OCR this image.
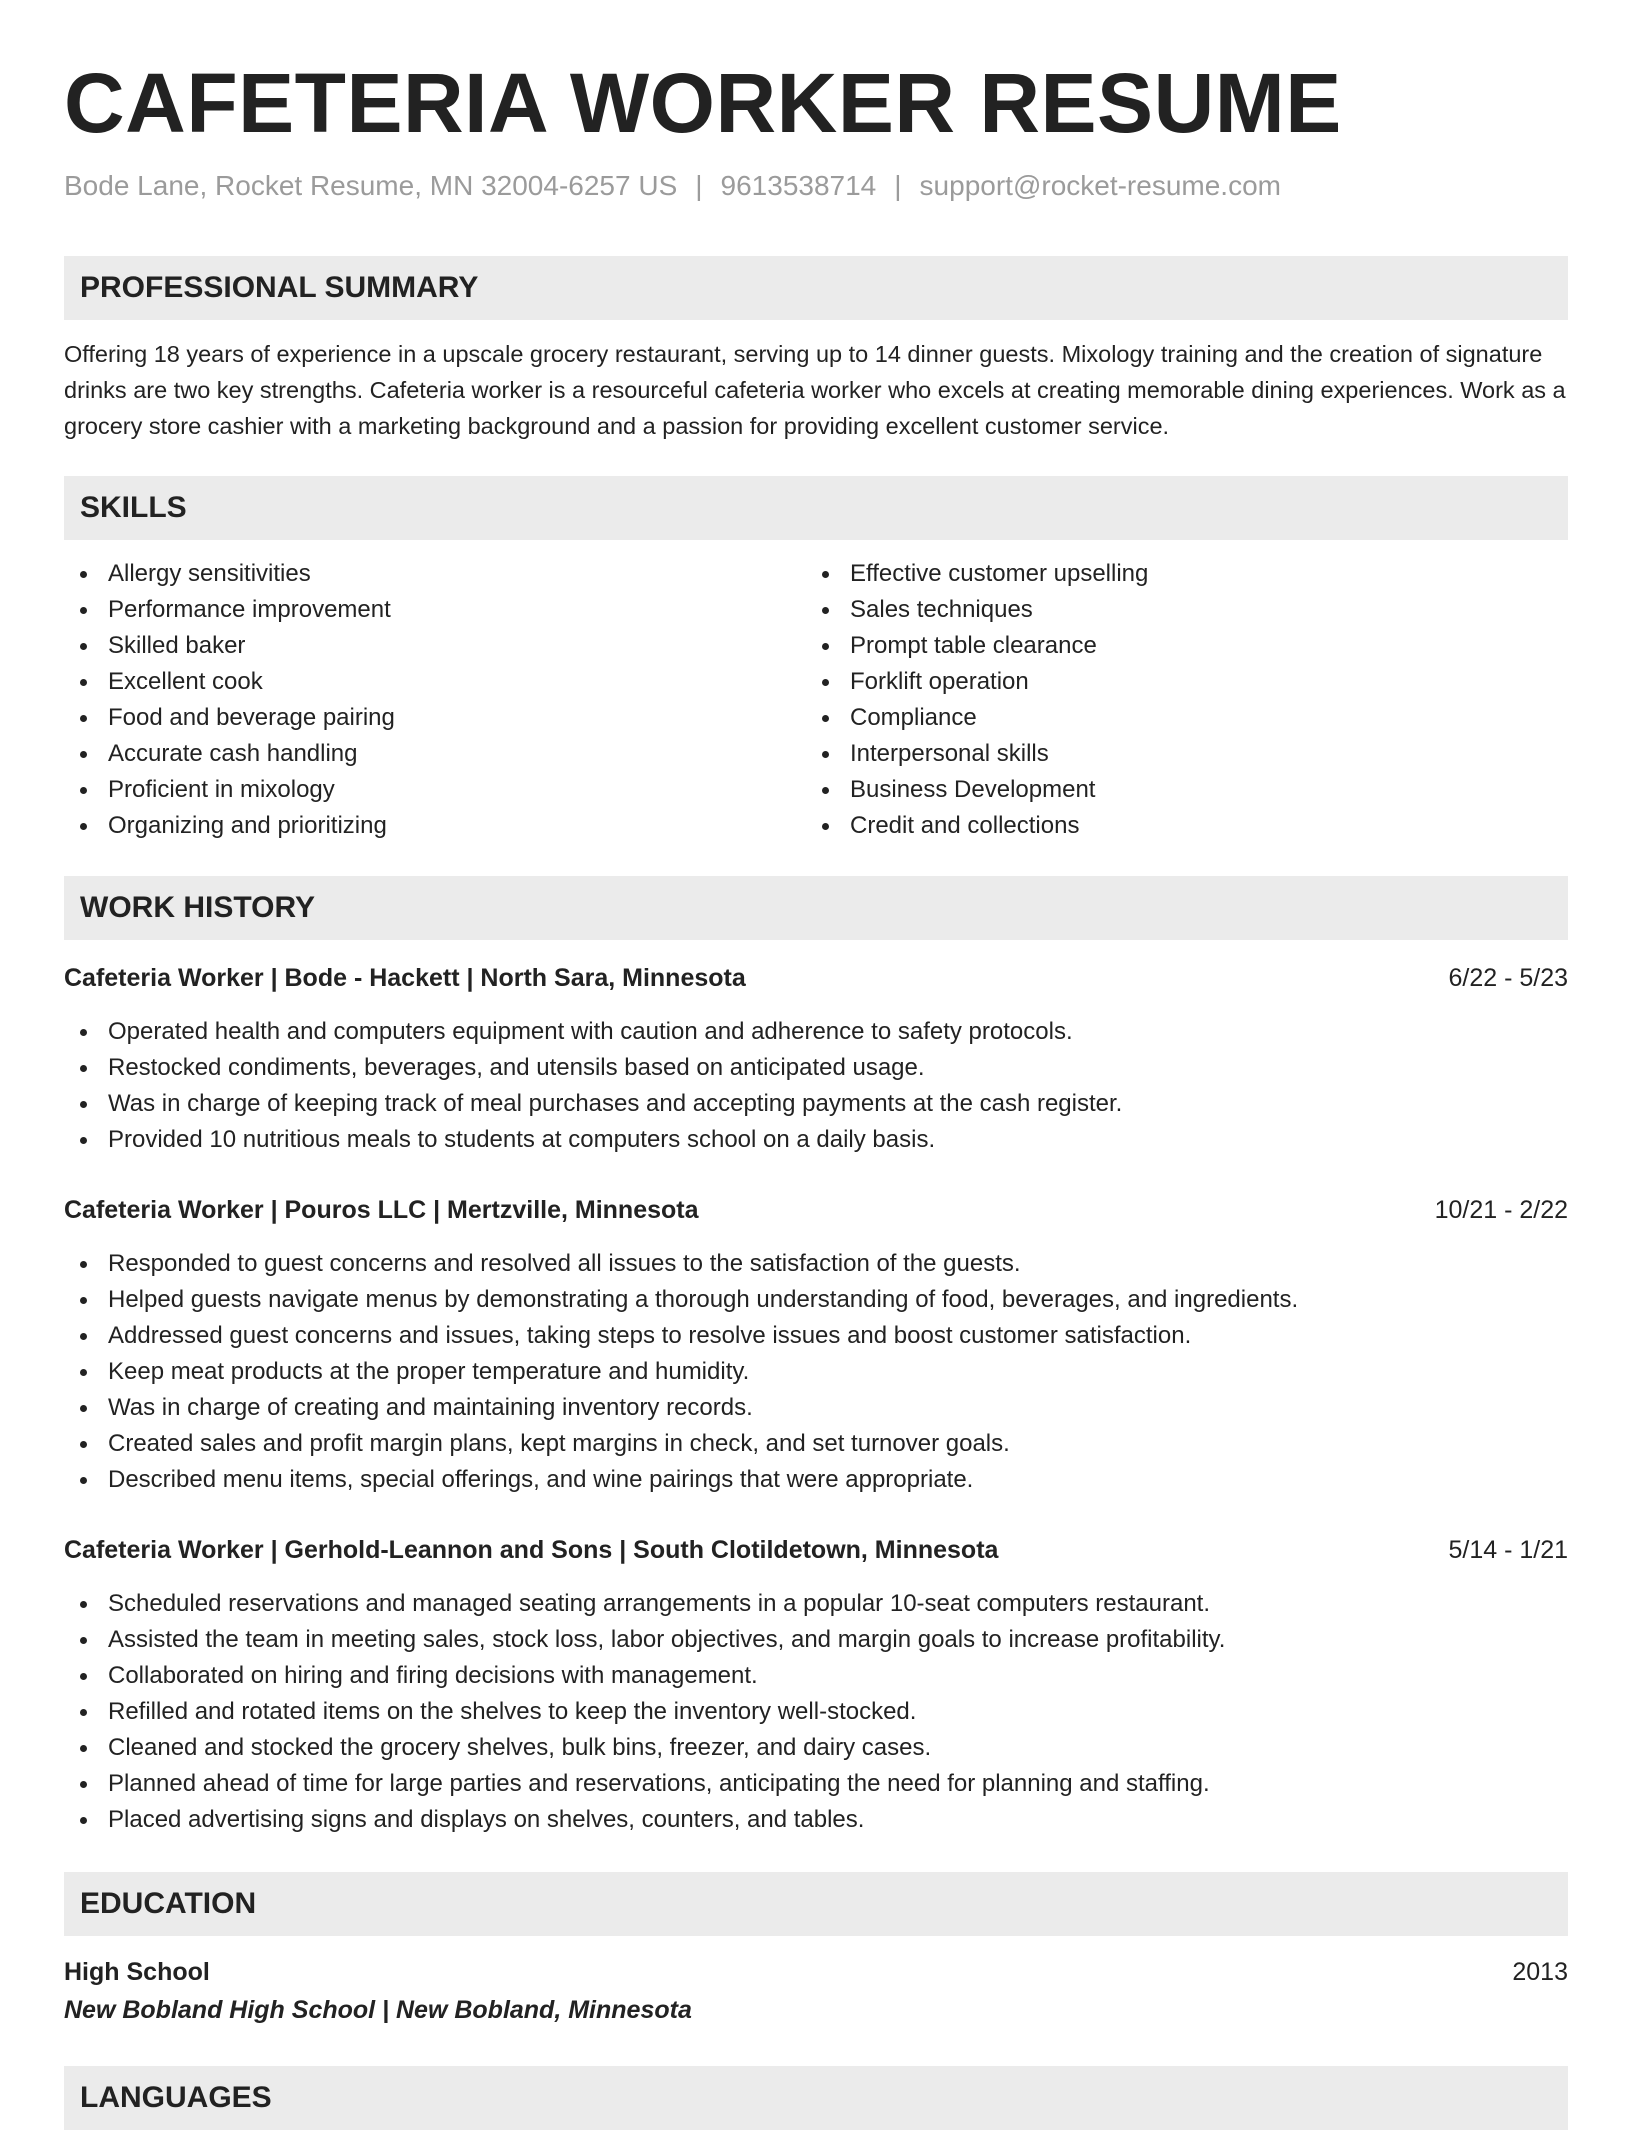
CAFETERIA WORKER RESUME
Bode Lane, Rocket Resume, MN 32004-6257 US | 9613538714 | support@rocket-resume.com
PROFESSIONAL SUMMARY

Offering 18 years of experience in a upscale grocery restaurant, serving up to 14 dinner guests. Mixology training and the creation of signature drinks are two key strengths. Cafeteria worker is a resourceful cafeteria worker who excels at creating memorable dining experiences. Work as a grocery store cashier with a marketing background and a passion for providing excellent customer service.

SKILLS
Allergy sensitivities
Performance improvement
Skilled baker
Excellent cook
Food and beverage pairing
Accurate cash handling
Proficient in mixology
Organizing and prioritizing
Effective customer upselling
Sales techniques
Prompt table clearance
Forklift operation
Compliance
Interpersonal skills
Business Development
Credit and collections
WORK HISTORY
Cafeteria Worker | Bode - Hackett | North Sara, Minnesota	6/22 - 5/23
Operated health and computers equipment with caution and adherence to safety protocols.
Restocked condiments, beverages, and utensils based on anticipated usage.
Was in charge of keeping track of meal purchases and accepting payments at the cash register.
Provided 10 nutritious meals to students at computers school on a daily basis.
Cafeteria Worker | Pouros LLC | Mertzville, Minnesota	10/21 - 2/22
Responded to guest concerns and resolved all issues to the satisfaction of the guests.
Helped guests navigate menus by demonstrating a thorough understanding of food, beverages, and ingredients.
Addressed guest concerns and issues, taking steps to resolve issues and boost customer satisfaction.
Keep meat products at the proper temperature and humidity.
Was in charge of creating and maintaining inventory records.
Created sales and profit margin plans, kept margins in check, and set turnover goals.
Described menu items, special offerings, and wine pairings that were appropriate.
Cafeteria Worker | Gerhold-Leannon and Sons | South Clotildetown, Minnesota	5/14 - 1/21
Scheduled reservations and managed seating arrangements in a popular 10-seat computers restaurant.
Assisted the team in meeting sales, stock loss, labor objectives, and margin goals to increase profitability.
Collaborated on hiring and firing decisions with management.
Refilled and rotated items on the shelves to keep the inventory well-stocked.
Cleaned and stocked the grocery shelves, bulk bins, freezer, and dairy cases.
Planned ahead of time for large parties and reservations, anticipating the need for planning and staffing.
Placed advertising signs and displays on shelves, counters, and tables.
EDUCATION
High School	2013
New Bobland High School | New Bobland, Minnesota
LANGUAGES
